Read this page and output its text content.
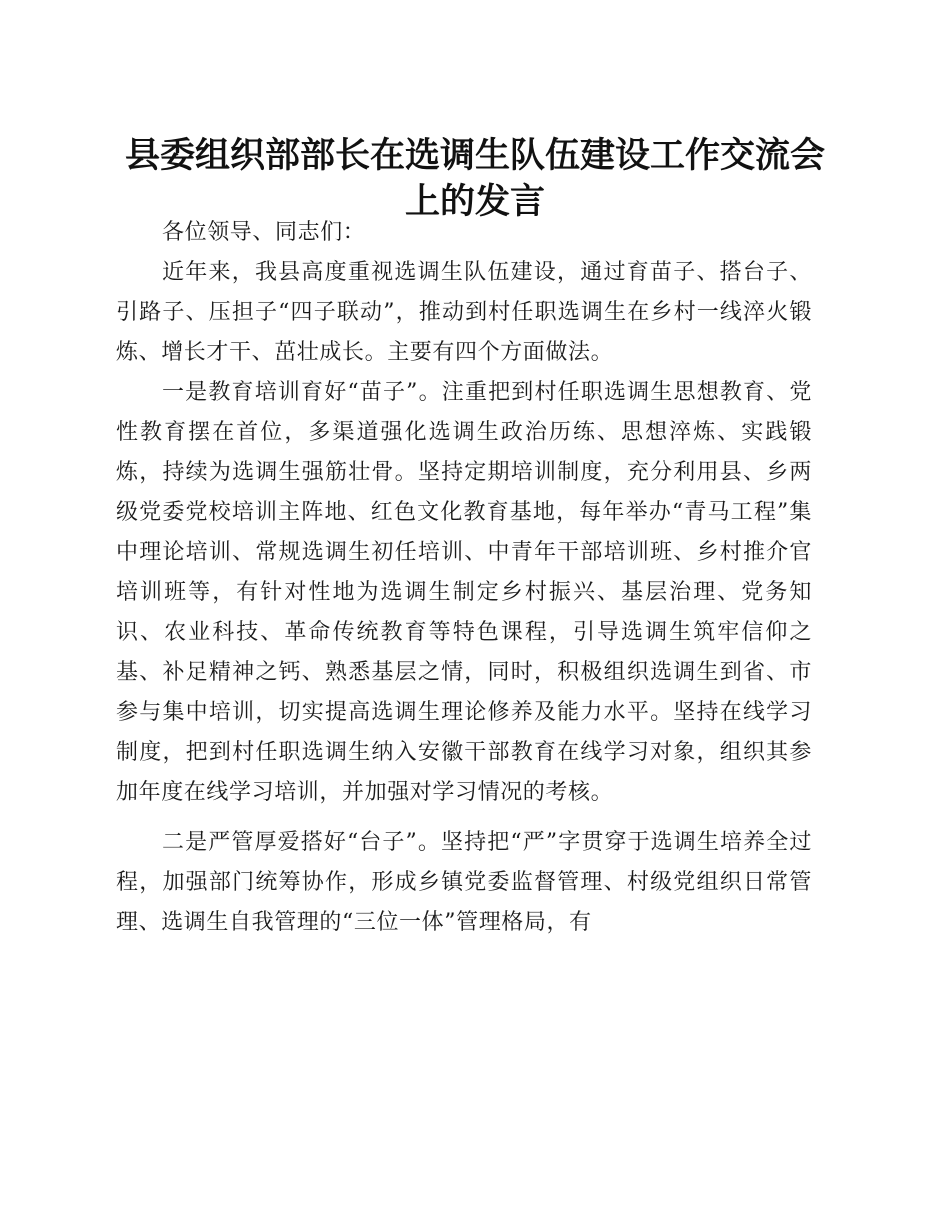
县委组织部部长在选调生队伍建设工作交流会
上的发言

各位领导、同志们：

近年来，我县高度重视选调生队伍建设，通过育苗子、搭台子、引路子、压担子“四子联动”，推动到村任职选调生在乡村一线淬火锻炼、增长才干、茁壮成长。主要有四个方面做法。

一是教育培训育好“苗子”。注重把到村任职选调生思想教育、党性教育摆在首位，多渠道强化选调生政治历练、思想淬炼、实践锻炼，持续为选调生强筋壮骨。坚持定期培训制度，充分利用县、乡两级党委党校培训主阵地、红色文化教育基地，每年举办“青马工程”集中理论培训、常规选调生初任培训、中青年干部培训班、乡村推介官培训班等，有针对性地为选调生制定乡村振兴、基层治理、党务知识、农业科技、革命传统教育等特色课程，引导选调生筑牢信仰之基、补足精神之钙、熟悉基层之情，同时，积极组织选调生到省、市参与集中培训，切实提高选调生理论修养及能力水平。坚持在线学习制度，把到村任职选调生纳入安徽干部教育在线学习对象，组织其参加年度在线学习培训，并加强对学习情况的考核。

二是严管厚爱搭好“台子”。坚持把“严”字贯穿于选调生培养全过程，加强部门统筹协作，形成乡镇党委监督管理、村级党组织日常管理、选调生自我管理的“三位一体”管理格局，有
